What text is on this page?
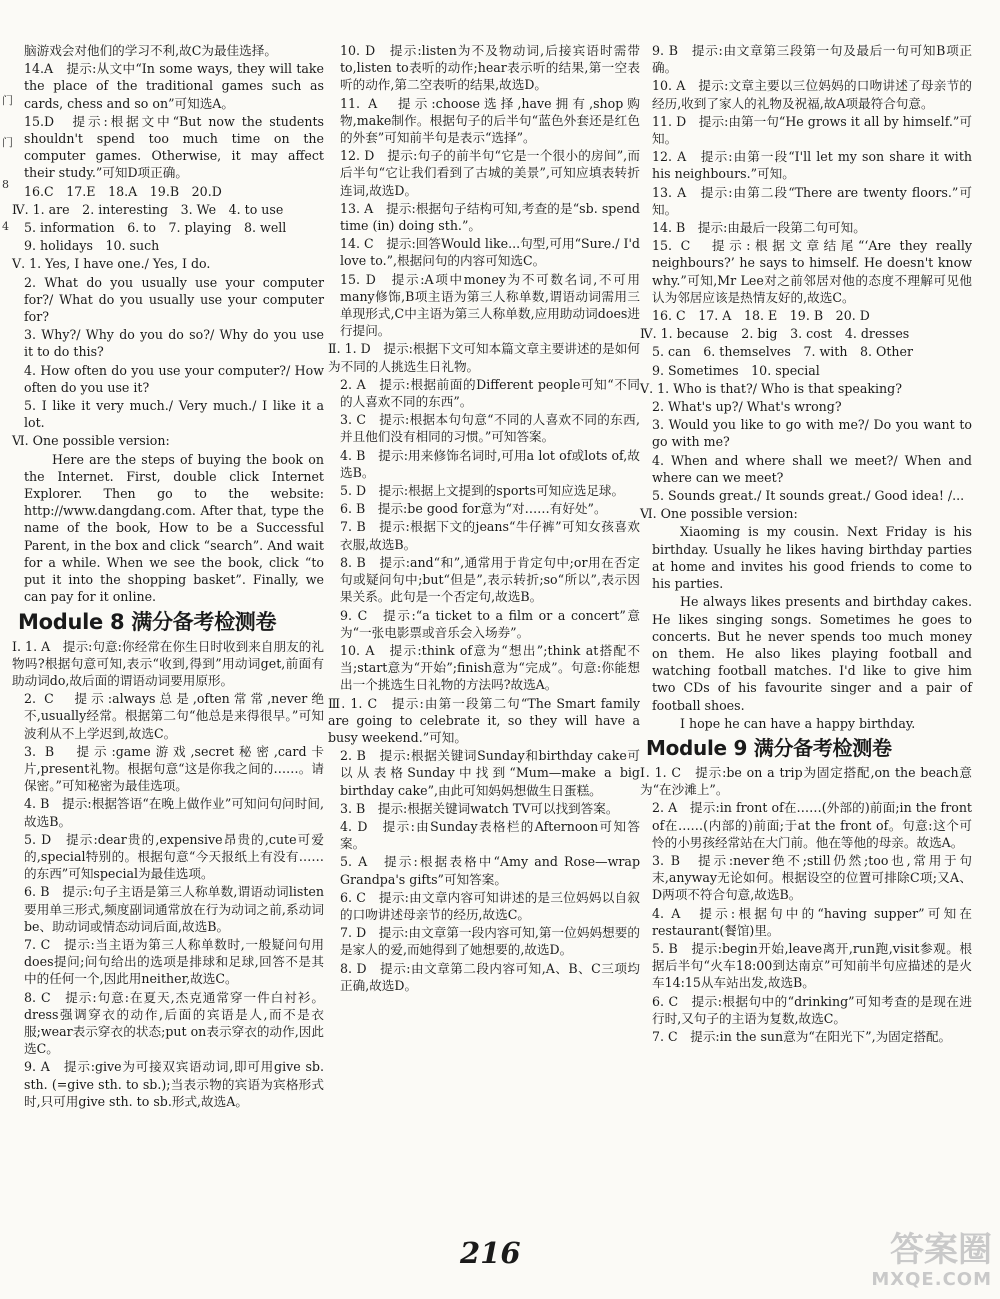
门
门
8
4

脑游戏会对他们的学习不利,故C为最佳选择。

14.A　提示:从文中“In some ways, they will take the place of the traditional games such as cards, chess and so on”可知选A。

15.D　提示:根据文中“But now the students shouldn't spend too much time on the computer games. Otherwise, it may affect their study.”可知D项正确。

16.C　17.E　18.A　19.B　20.D

Ⅳ. 1. are　2. interesting　3. We　4. to use

5. information　6. to　7. playing　8. well

9. holidays　10. such

Ⅴ. 1. Yes, I have one./ Yes, I do.

2. What do you usually use your computer for?/ What do you usually use your computer for?

3. Why?/ Why do you do so?/ Why do you use it to do this?

4. How often do you use your computer?/ How often do you use it?

5. I like it very much./ Very much./ I like it a lot.

Ⅵ. One possible version:

Here are the steps of buying the book on the Internet. First, double click Internet Explorer. Then go to the website: http://www.dangdang.com. After that, type the name of the book, How to be a Successful Parent, in the box and click “search”. And wait for a while. When we see the book, click “to put it into the shopping basket”. Finally, we can pay for it online.

Module 8 满分备考检测卷

Ⅰ. 1. A　提示:句意:你经常在你生日时收到来自朋友的礼物吗?根据句意可知,表示“收到,得到”用动词get,前面有助动词do,故后面的谓语动词要用原形。

2. C　提示:always总是,often常常,never绝不,usually经常。根据第二句“他总是来得很早。”可知波利从不上学迟到,故选C。

3. B　提示:game游戏,secret秘密,card卡片,present礼物。根据句意“这是你我之间的……。请保密。”可知秘密为最佳选项。

4. B　提示:根据答语“在晚上做作业”可知问句问时间,故选B。

5. D　提示:dear贵的,expensive昂贵的,cute可爱的,special特别的。根据句意“今天报纸上有没有……的东西”可知special为最佳选项。

6. B　提示:句子主语是第三人称单数,谓语动词listen要用单三形式,频度副词通常放在行为动词之前,系动词be、助动词或情态动词后面,故选B。

7. C　提示:当主语为第三人称单数时,一般疑问句用does提问;问句给出的选项是排球和足球,回答不是其中的任何一个,因此用neither,故选C。

8. C　提示:句意:在夏天,杰克通常穿一件白衬衫。dress强调穿衣的动作,后面的宾语是人,而不是衣服;wear表示穿衣的状态;put on表示穿衣的动作,因此选C。

9. A　提示:give为可接双宾语动词,即可用give sb. sth. (=give sth. to sb.);当表示物的宾语为宾格形式时,只可用give sth. to sb.形式,故选A。

10. D　提示:listen为不及物动词,后接宾语时需带to,listen to表听的动作;hear表示听的结果,第一空表听的动作,第二空表听的结果,故选D。

11. A　提示:choose选择,have拥有,shop购物,make制作。根据句子的后半句“蓝色外套还是红色的外套”可知前半句是表示“选择”。

12. D　提示:句子的前半句“它是一个很小的房间”,而后半句“它让我们看到了古城的美景”,可知应填表转折连词,故选D。

13. A　提示:根据句子结构可知,考查的是“sb. spend time (in) doing sth.”。

14. C　提示:回答Would like...句型,可用“Sure./ I'd love to.”,根据问句的内容可知选C。

15. D　提示:A项中money为不可数名词,不可用many修饰,B项主语为第三人称单数,谓语动词需用三单现形式,C中主语为第三人称单数,应用助动词does进行提问。

Ⅱ. 1. D　提示:根据下文可知本篇文章主要讲述的是如何为不同的人挑选生日礼物。

2. A　提示:根据前面的Different people可知“不同的人喜欢不同的东西”。

3. C　提示:根据本句句意“不同的人喜欢不同的东西,并且他们没有相同的习惯。”可知答案。

4. B　提示:用来修饰名词时,可用a lot of或lots of,故选B。

5. D　提示:根据上文提到的sports可知应选足球。

6. B　提示:be good for意为“对……有好处”。

7. B　提示:根据下文的jeans“牛仔裤”可知女孩喜欢衣服,故选B。

8. B　提示:and“和”,通常用于肯定句中;or用在否定句或疑问句中;but“但是”,表示转折;so“所以”,表示因果关系。此句是一个否定句,故选B。

9. C　提示:“a ticket to a film or a concert”意为“一张电影票或音乐会入场券”。

10. A　提示:think of意为“想出”;think at搭配不当;start意为“开始”;finish意为“完成”。句意:你能想出一个挑选生日礼物的方法吗?故选A。

Ⅲ. 1. C　提示:由第一段第二句“The Smart family are going to celebrate it, so they will have a busy weekend.”可知。

2. B　提示:根据关键词Sunday和birthday cake可以从表格Sunday中找到“Mum—make a big birthday cake”,由此可知妈妈想做生日蛋糕。

3. B　提示:根据关键词watch TV可以找到答案。

4. D　提示:由Sunday表格栏的Afternoon可知答案。

5. A　提示:根据表格中“Amy and Rose—wrap Grandpa's gifts”可知答案。

6. C　提示:由文章内容可知讲述的是三位妈妈以自叙的口吻讲述母亲节的经历,故选C。

7. D　提示:由文章第一段内容可知,第一位妈妈想要的是家人的爱,而她得到了她想要的,故选D。

8. D　提示:由文章第二段内容可知,A、B、C三项均正确,故选D。

9. B　提示:由文章第三段第一句及最后一句可知B项正确。

10. A　提示:文章主要以三位妈妈的口吻讲述了母亲节的经历,收到了家人的礼物及祝福,故A项最符合句意。

11. D　提示:由第一句“He grows it all by himself.”可知。

12. A　提示:由第一段“I'll let my son share it with his neighbours.”可知。

13. A　提示:由第二段“There are twenty floors.”可知。

14. B　提示:由最后一段第二句可知。

15. C　提示:根据文章结尾“‘Are they really neighbours?’ he says to himself. He doesn't know why.”可知,Mr Lee对之前邻居对他的态度不理解可见他认为邻居应该是热情友好的,故选C。

16. C　17. A　18. E　19. B　20. D

Ⅳ. 1. because　2. big　3. cost　4. dresses

5. can　6. themselves　7. with　8. Other

9. Sometimes　10. special

Ⅴ. 1. Who is that?/ Who is that speaking?

2. What's up?/ What's wrong?

3. Would you like to go with me?/ Do you want to go with me?

4. When and where shall we meet?/ When and where can we meet?

5. Sounds great./ It sounds great./ Good idea! /...

Ⅵ. One possible version:

Xiaoming is my cousin. Next Friday is his birthday. Usually he likes having birthday parties at home and invites his good friends to come to his parties.

He always likes presents and birthday cakes. He likes singing songs. Sometimes he goes to concerts. But he never spends too much money on them. He also likes playing football and watching football matches. I'd like to give him two CDs of his favourite singer and a pair of football shoes.

I hope he can have a happy birthday.

Module 9 满分备考检测卷

Ⅰ. 1. C　提示:be on a trip为固定搭配,on the beach意为“在沙滩上”。

2. A　提示:in front of在……(外部的)前面;in the front of在……(内部的)前面;于at the front of。句意:这个可怜的小男孩经常站在大门前。他在等他的母亲。故选A。

3. B　提示:never绝不;still仍然;too也,常用于句末,anyway无论如何。根据设空的位置可排除C项;又A、D两项不符合句意,故选B。

4. A　提示:根据句中的“having supper”可知在restaurant(餐馆)里。

5. B　提示:begin开始,leave离开,run跑,visit参观。根据后半句“火车18:00到达南京”可知前半句应描述的是火车14:15从车站出发,故选B。

6. C　提示:根据句中的“drinking”可知考查的是现在进行时,又句子的主语为复数,故选C。

7. C　提示:in the sun意为“在阳光下”,为固定搭配。

216	答案圈
MXQE.COM
